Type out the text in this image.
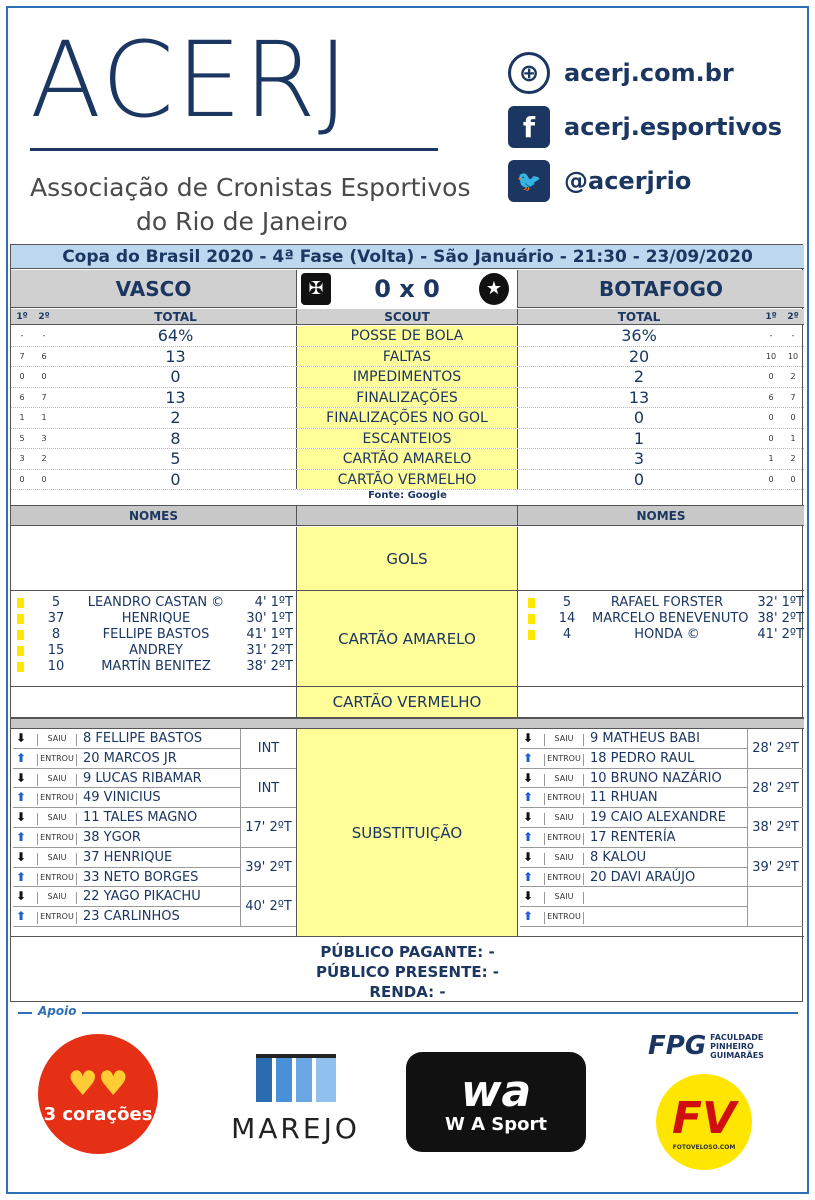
ACERJ
Associação de Cronistas Esportivos
do Rio de Janeiro
⊕	acerj.com.br
f	acerj.esportivos
🐦 @acerjrio
Copa do Brasil 2020 - 4ª Fase (Volta) - São Januário - 21:30 - 23/09/2020
VASCO	0 x 0
✠	★	BOTAFOGO
1º	2º	TOTAL	SCOUT	TOTAL	1º	2º
-	-	64%	POSSE DE BOLA	36%	-	-
7	6	13	FALTAS	20	10	10
0	0	0	IMPEDIMENTOS	2	0	2
6	7	13	FINALIZAÇÕES	13	6	7
1	1	2	FINALIZAÇÕES NO GOL	0	0	0
5	3	8	ESCANTEIOS	1	0	1
3	2	5	CARTÃO AMARELO	3	1	2
0	0	0	CARTÃO VERMELHO	0	0	0
Fonte: Google
NOMES	NOMES
GOLS
CARTÃO AMARELO
5	LEANDRO CASTAN ©	4' 1ºT
37	HENRIQUE	30' 1ºT
8	FELLIPE BASTOS	41' 1ºT
15	ANDREY	31' 2ºT
10	MARTÍN BENITEZ	38' 2ºT
5	RAFAEL FORSTER	32' 1ºT
14	MARCELO BENEVENUTO 38' 2ºT
4	HONDA ©	41' 2ºT
CARTÃO VERMELHO
SUBSTITUIÇÃO
⬇	SAIU	8 FELLIPE BASTOS
⬆	ENTROU 20 MARCOS JR
INT
⬇	SAIU	9 LUCAS RIBAMAR
⬆	ENTROU 49 VINICIUS
INT
⬇	SAIU	11 TALES MAGNO
⬆	ENTROU 38 YGOR
17' 2ºT
⬇	SAIU	37 HENRIQUE
⬆	ENTROU 33 NETO BORGES
39' 2ºT
⬇	SAIU	22 YAGO PIKACHU
⬆	ENTROU 23 CARLINHOS
40' 2ºT
⬇	SAIU	9 MATHEUS BABI
⬆	ENTROU 18 PEDRO RAUL
28' 2ºT
⬇	SAIU	10 BRUNO NAZÁRIO
⬆	ENTROU 11 RHUAN
28' 2ºT
⬇	SAIU	19 CAIO ALEXANDRE
⬆	ENTROU 17 RENTERÍA
38' 2ºT
⬇	SAIU	8 KALOU
⬆	ENTROU 20 DAVI ARAÚJO
39' 2ºT
⬇	SAIU
⬆	ENTROU
PÚBLICO PAGANTE: -
PÚBLICO PRESENTE: -
RENDA: -
Apoio
♥♥
3 corações	MAREJO
wa
W A Sport
FPG FACULDADE PINHEIRO GUIMARÃES
FV
FOTOVELOSO.COM
